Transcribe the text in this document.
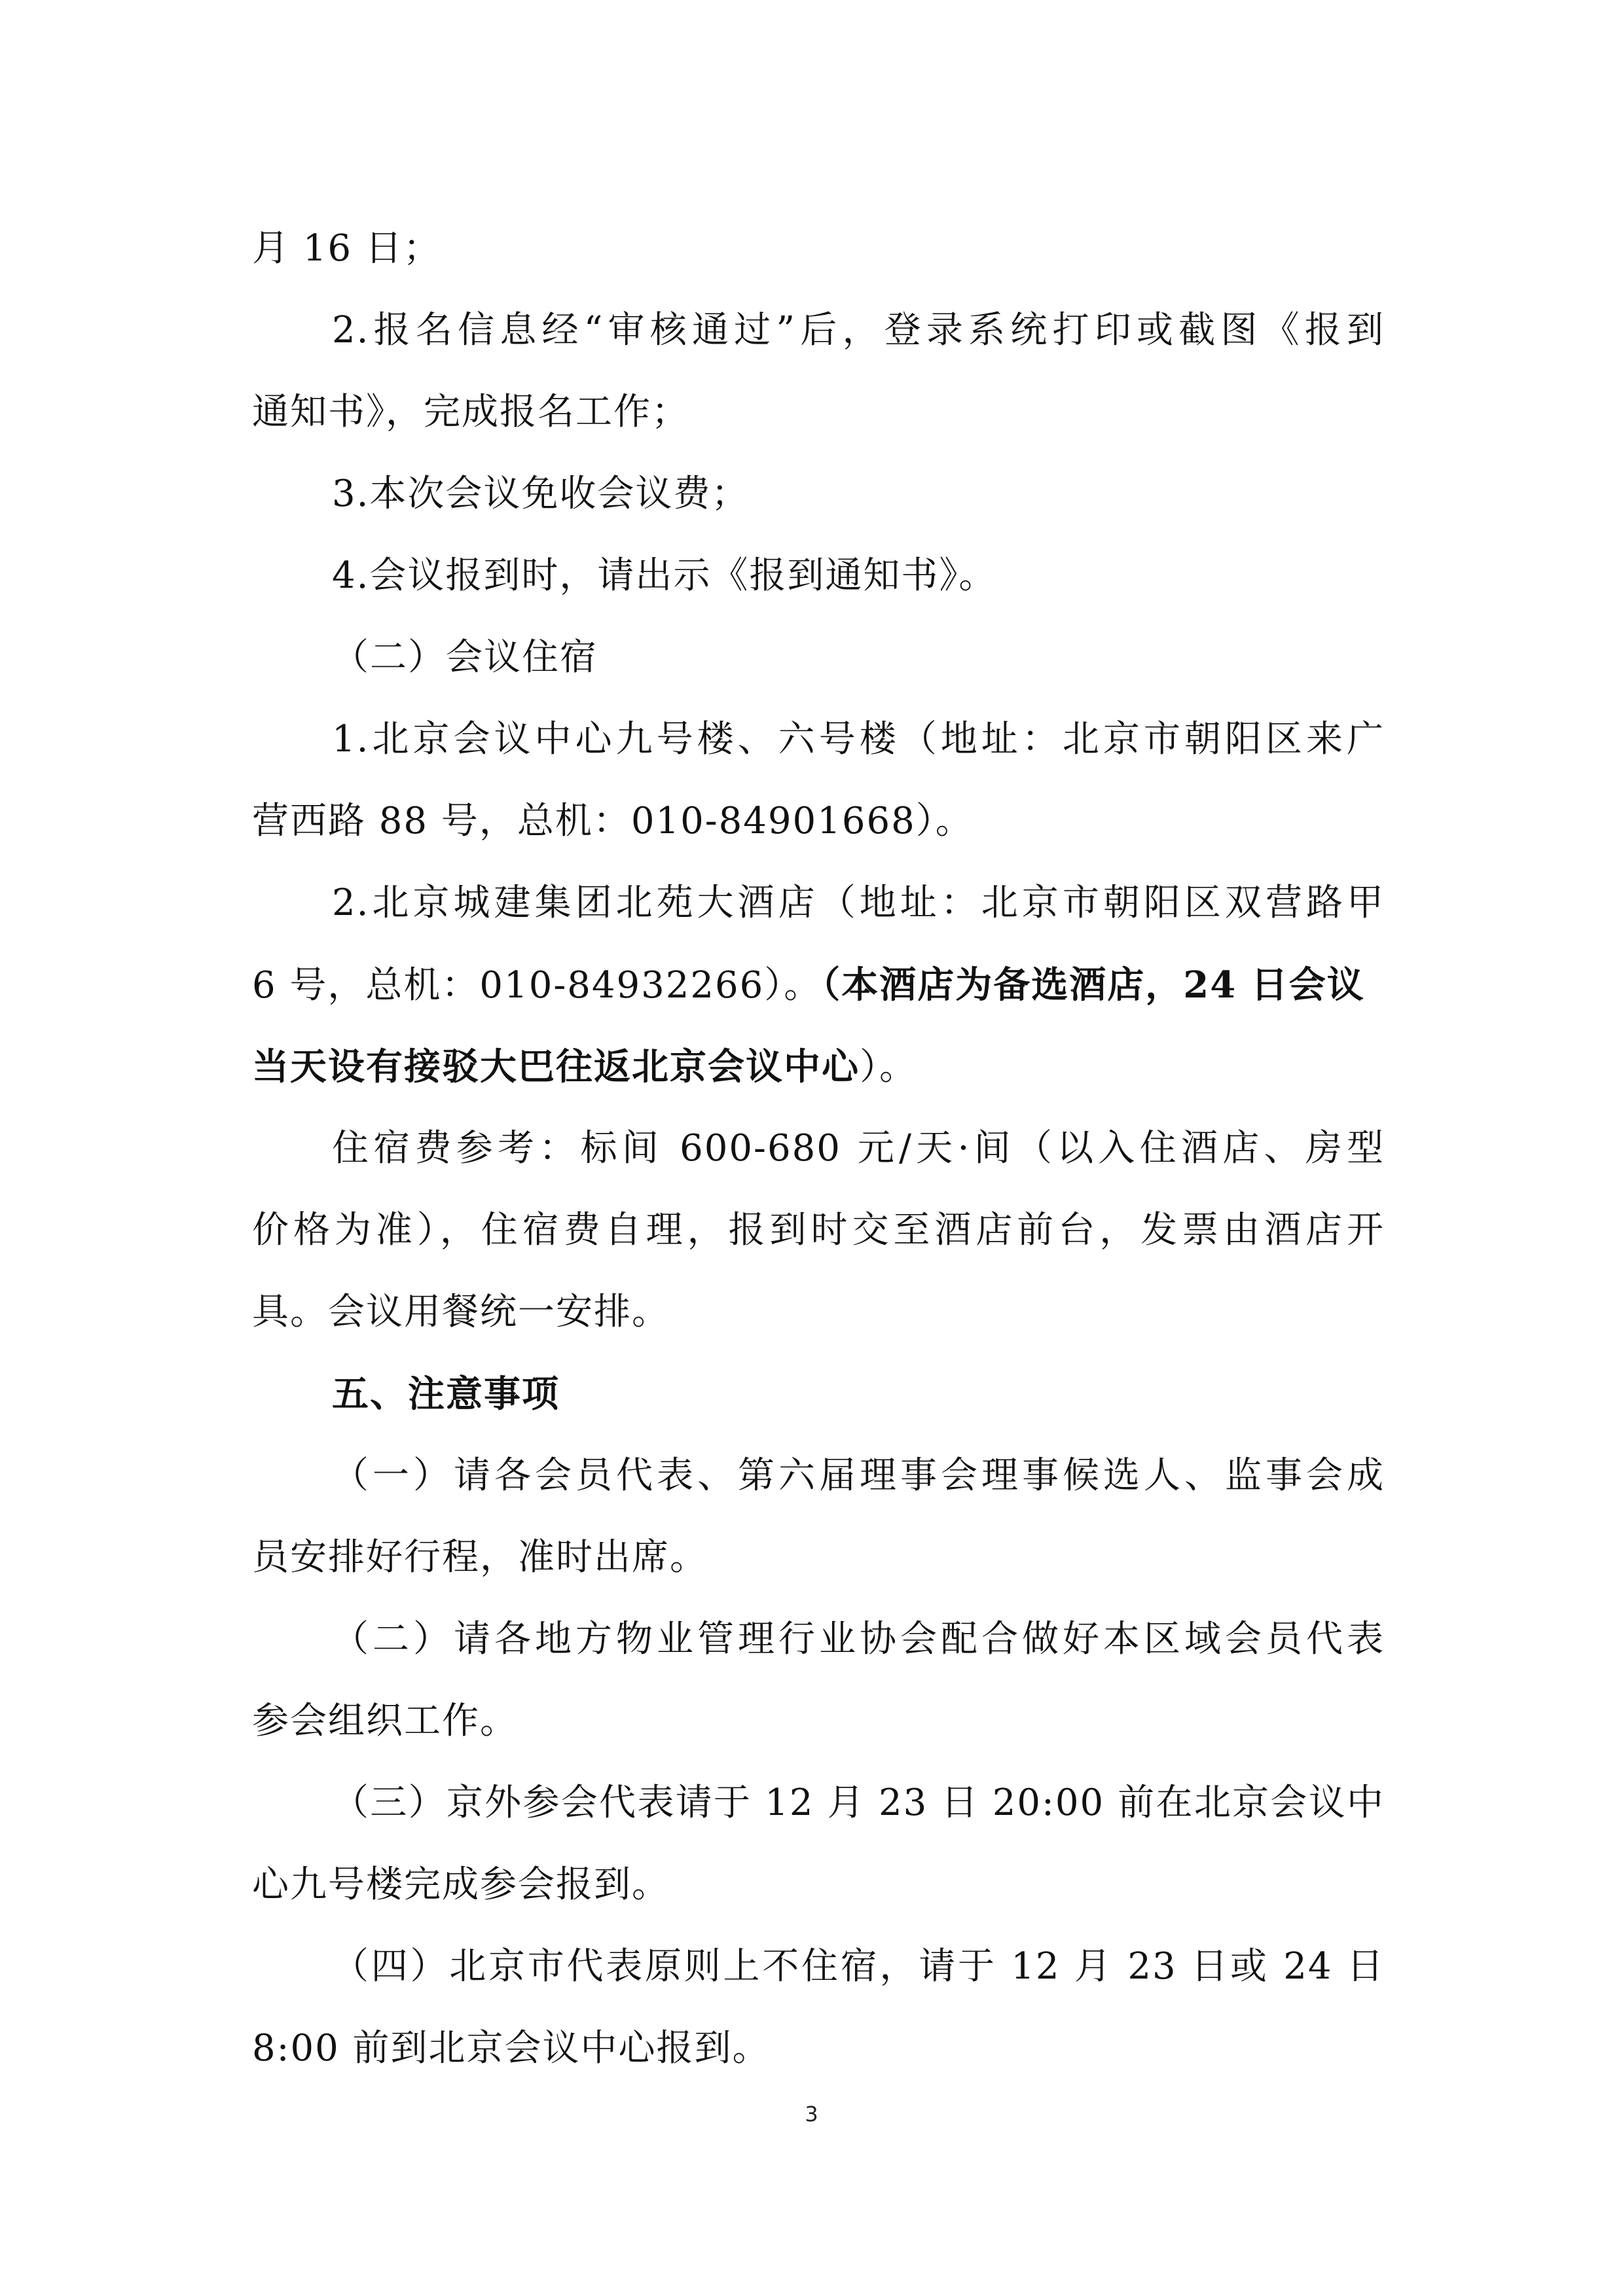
月 16 日；
2.报名信息经“审核通过”后，登录系统打印或截图《报到
通知书》，完成报名工作；
3.本次会议免收会议费；
4.会议报到时，请出示《报到通知书》。
（二）会议住宿
1.北京会议中心九号楼、六号楼（地址：北京市朝阳区来广
营西路 88 号，总机：010-84901668）。
2.北京城建集团北苑大酒店（地址：北京市朝阳区双营路甲
6 号，总机：010-84932266）。（本酒店为备选酒店，24 日会议
当天设有接驳大巴往返北京会议中心）。
住宿费参考：标间 600-680 元/天·间（以入住酒店、房型
价格为准），住宿费自理，报到时交至酒店前台，发票由酒店开
具。会议用餐统一安排。
五、注意事项
（一）请各会员代表、第六届理事会理事候选人、监事会成
员安排好行程，准时出席。
（二）请各地方物业管理行业协会配合做好本区域会员代表
参会组织工作。
（三）京外参会代表请于 12 月 23 日 20:00 前在北京会议中
心九号楼完成参会报到。
（四）北京市代表原则上不住宿，请于 12 月 23 日或 24 日
8:00 前到北京会议中心报到。
3
